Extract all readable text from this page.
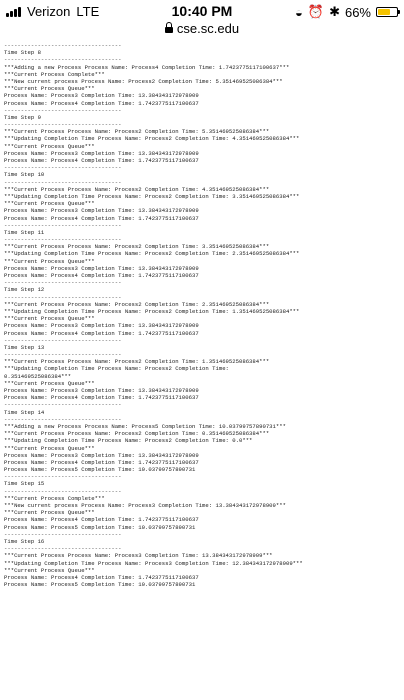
Verizon LTE	10:40 PM	◒ ⏰ ✱ 66%
cse.sc.edu
-----------------------------------
Time Step 8
-----------------------------------
***Adding a new Process Process Name: Process4 Completion Time: 1.7423775117100637***
***Current Process Complete***
***New current process Process Name: Process2 Completion Time: 5.351469525086384***
***Current Process Queue***
Process Name: Process3 Completion Time: 13.384343172978909
Process Name: Process4 Completion Time: 1.7423775117100637
-----------------------------------
Time Step 9
-----------------------------------
***Current Process Process Name: Process2 Completion Time: 5.351469525086384***
***Updating Completion Time Process Name: Process2 Completion Time: 4.351469525086384***
***Current Process Queue***
Process Name: Process3 Completion Time: 13.384343172978909
Process Name: Process4 Completion Time: 1.7423775117100637
-----------------------------------
Time Step 10
-----------------------------------
***Current Process Process Name: Process2 Completion Time: 4.351469525086384***
***Updating Completion Time Process Name: Process2 Completion Time: 3.351469525086384***
***Current Process Queue***
Process Name: Process3 Completion Time: 13.384343172978909
Process Name: Process4 Completion Time: 1.7423775117100637
-----------------------------------
Time Step 11
-----------------------------------
***Current Process Process Name: Process2 Completion Time: 3.351469525086384***
***Updating Completion Time Process Name: Process2 Completion Time: 2.351469525086384***
***Current Process Queue***
Process Name: Process3 Completion Time: 13.384343172978909
Process Name: Process4 Completion Time: 1.7423775117100637
-----------------------------------
Time Step 12
-----------------------------------
***Current Process Process Name: Process2 Completion Time: 2.351469525086384***
***Updating Completion Time Process Name: Process2 Completion Time: 1.351469525086384***
***Current Process Queue***
Process Name: Process3 Completion Time: 13.384343172978909
Process Name: Process4 Completion Time: 1.7423775117100637
-----------------------------------
Time Step 13
-----------------------------------
***Current Process Process Name: Process2 Completion Time: 1.351469525086384***
***Updating Completion Time Process Name: Process2 Completion Time:
0.351469525086384***
***Current Process Queue***
Process Name: Process3 Completion Time: 13.384343172978909
Process Name: Process4 Completion Time: 1.7423775117100637
-----------------------------------
Time Step 14
-----------------------------------
***Adding a new Process Process Name: Process5 Completion Time: 10.03799757890731***
***Current Process Process Name: Process2 Completion Time: 0.351469525086384***
***Updating Completion Time Process Name: Process2 Completion Time: 0.0***
***Current Process Queue***
Process Name: Process3 Completion Time: 13.384343172978909
Process Name: Process4 Completion Time: 1.7423775117100637
Process Name: Process5 Completion Time: 10.03799757890731
-----------------------------------
Time Step 15
-----------------------------------
***Current Process Complete***
***New current process Process Name: Process3 Completion Time: 13.384343172978909***
***Current Process Queue***
Process Name: Process4 Completion Time: 1.7423775117100637
Process Name: Process5 Completion Time: 10.03799757890731
-----------------------------------
Time Step 16
-----------------------------------
***Current Process Process Name: Process3 Completion Time: 13.384343172978909***
***Updating Completion Time Process Name: Process3 Completion Time: 12.384343172978909***
***Current Process Queue***
Process Name: Process4 Completion Time: 1.7423775117100637
Process Name: Process5 Completion Time: 10.03799757890731
